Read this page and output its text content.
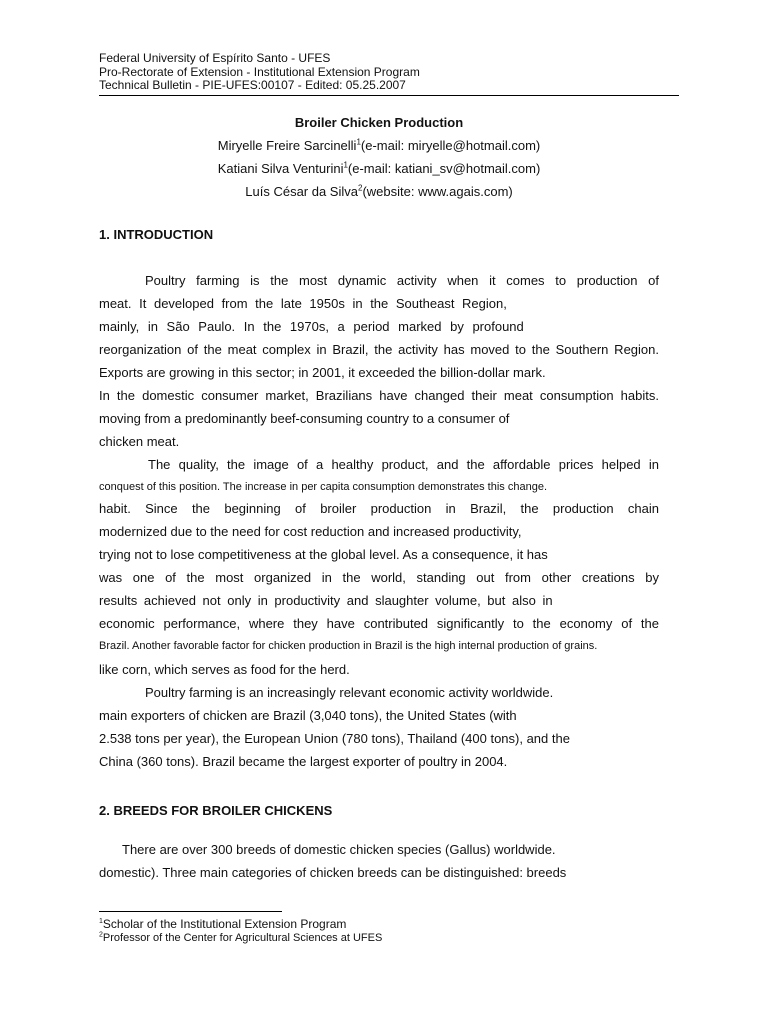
Federal University of Espírito Santo - UFES
Pro-Rectorate of Extension - Institutional Extension Program
Technical Bulletin - PIE-UFES:00107 - Edited: 05.25.2007
Broiler Chicken Production
Miryelle Freire Sarcinelli$^1$(e-mail: miryelle@hotmail.com)
Katiani Silva Venturini$^1$(e-mail: katiani_sv@hotmail.com)
Luís César da Silva$^2$(website: www.agais.com)
1. INTRODUCTION
Poultry farming is the most dynamic activity when it comes to production of
meat. It developed from the late 1950s in the Southeast Region,
mainly, in São Paulo. In the 1970s, a period marked by profound
reorganization of the meat complex in Brazil, the activity has moved to the Southern Region.
Exports are growing in this sector; in 2001, it exceeded the billion-dollar mark.
In the domestic consumer market, Brazilians have changed their meat consumption habits.
moving from a predominantly beef-consuming country to a consumer of
chicken meat.
The quality, the image of a healthy product, and the affordable prices helped in
conquest of this position. The increase in per capita consumption demonstrates this change.
habit. Since the beginning of broiler production in Brazil, the production chain
modernized due to the need for cost reduction and increased productivity,
trying not to lose competitiveness at the global level. As a consequence, it has
was one of the most organized in the world, standing out from other creations by
results achieved not only in productivity and slaughter volume, but also in
economic performance, where they have contributed significantly to the economy of the
Brazil. Another favorable factor for chicken production in Brazil is the high internal production of grains.
like corn, which serves as food for the herd.
Poultry farming is an increasingly relevant economic activity worldwide.
main exporters of chicken are Brazil (3,040 tons), the United States (with
2.538 tons per year), the European Union (780 tons), Thailand (400 tons), and the
China (360 tons). Brazil became the largest exporter of poultry in 2004.
2. BREEDS FOR BROILER CHICKENS
There are over 300 breeds of domestic chicken species (Gallus) worldwide.
domestic). Three main categories of chicken breeds can be distinguished: breeds
$^1$Scholar of the Institutional Extension Program
$^2$Professor of the Center for Agricultural Sciences at UFES
